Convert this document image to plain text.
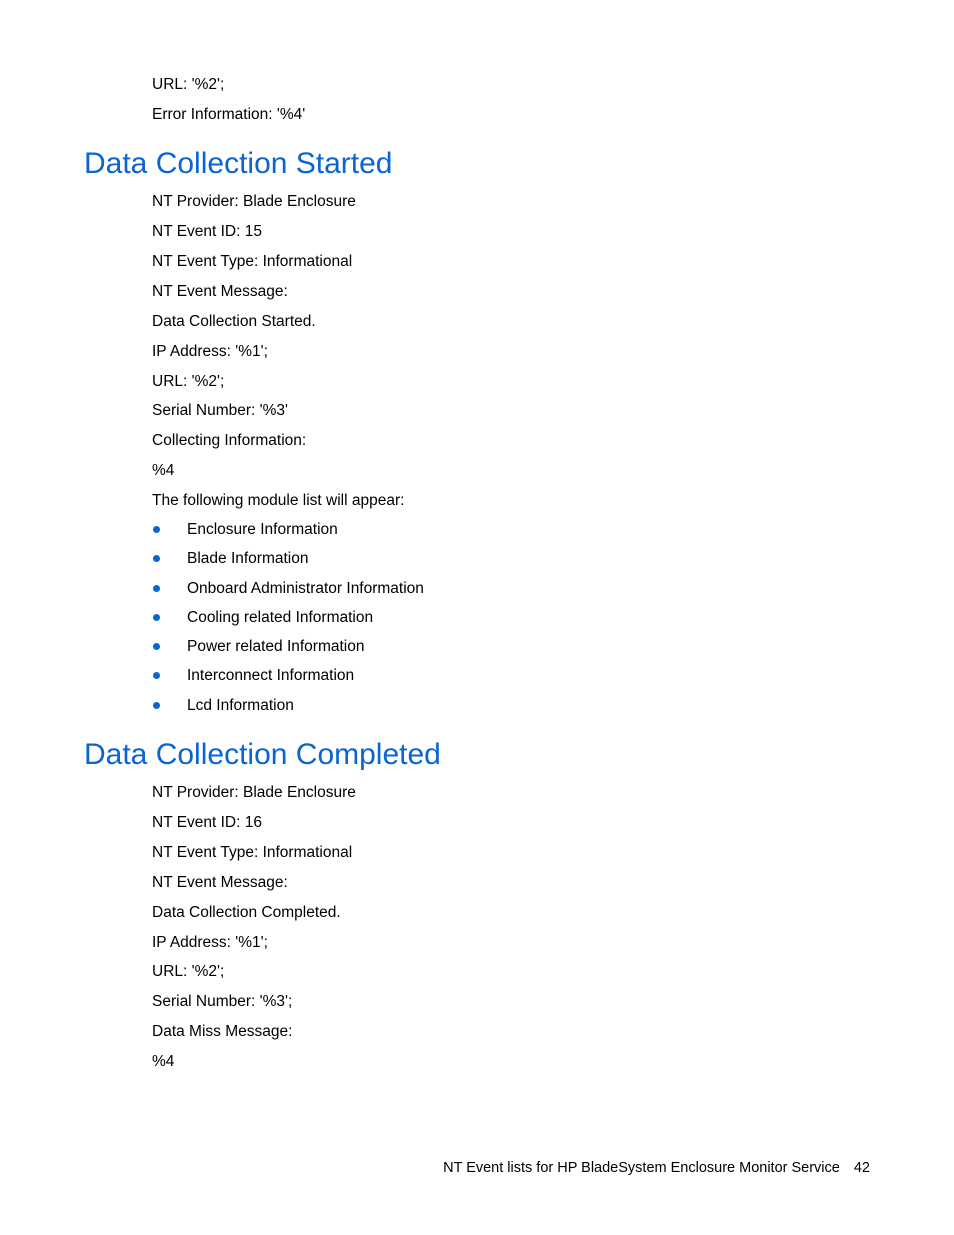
URL: '%2';
Error Information: '%4'
Data Collection Started
NT Provider: Blade Enclosure
NT Event ID: 15
NT Event Type: Informational
NT Event Message:
Data Collection Started.
IP Address: '%1';
URL: '%2';
Serial Number: '%3'
Collecting Information:
%4
The following module list will appear:
Enclosure Information
Blade Information
Onboard Administrator Information
Cooling related Information
Power related Information
Interconnect Information
Lcd Information
Data Collection Completed
NT Provider: Blade Enclosure
NT Event ID: 16
NT Event Type: Informational
NT Event Message:
Data Collection Completed.
IP Address: '%1';
URL: '%2';
Serial Number: '%3';
Data Miss Message:
%4
NT Event lists for HP BladeSystem Enclosure Monitor Service 42
